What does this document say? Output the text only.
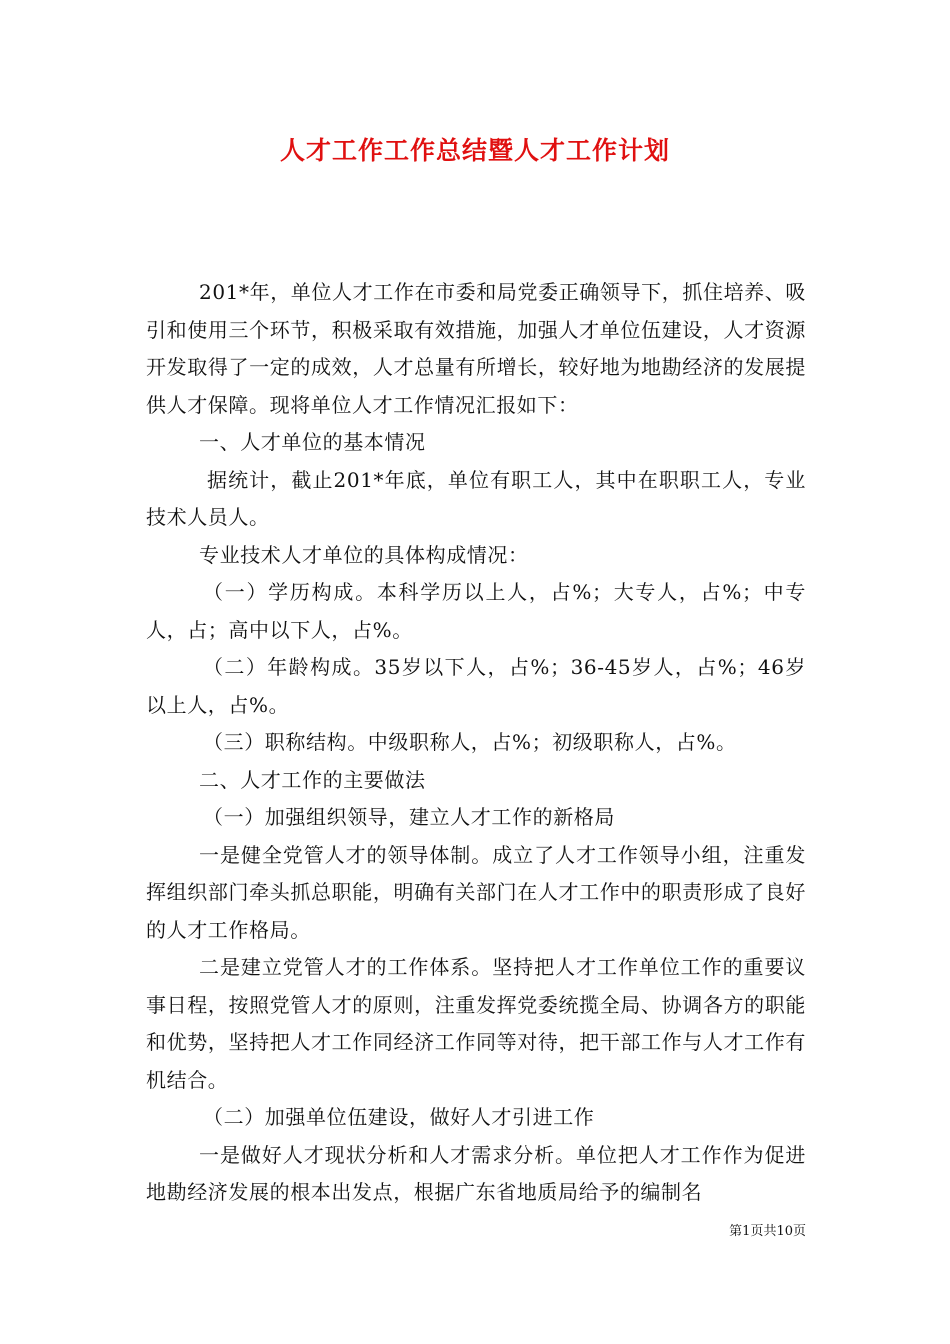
人才工作工作总结暨人才工作计划

201*年，单位人才工作在市委和局党委正确领导下，抓住培养、吸引和使用三个环节，积极采取有效措施，加强人才单位伍建设，人才资源开发取得了一定的成效，人才总量有所增长，较好地为地勘经济的发展提供人才保障。现将单位人才工作情况汇报如下：

一、人才单位的基本情况

据统计，截止201*年底，单位有职工人，其中在职职工人，专业技术人员人。

专业技术人才单位的具体构成情况：

（一）学历构成。本科学历以上人，占%；大专人，占%；中专人，占；高中以下人，占%。

（二）年龄构成。35岁以下人，占%；36-45岁人，占%；46岁以上人，占%。

（三）职称结构。中级职称人，占%；初级职称人，占%。

二、人才工作的主要做法

（一）加强组织领导，建立人才工作的新格局

一是健全党管人才的领导体制。成立了人才工作领导小组，注重发挥组织部门牵头抓总职能，明确有关部门在人才工作中的职责形成了良好的人才工作格局。

二是建立党管人才的工作体系。坚持把人才工作单位工作的重要议事日程，按照党管人才的原则，注重发挥党委统揽全局、协调各方的职能和优势，坚持把人才工作同经济工作同等对待，把干部工作与人才工作有机结合。

（二）加强单位伍建设，做好人才引进工作

一是做好人才现状分析和人才需求分析。单位把人才工作作为促进地勘经济发展的根本出发点，根据广东省地质局给予的编制名

第1页共10页
